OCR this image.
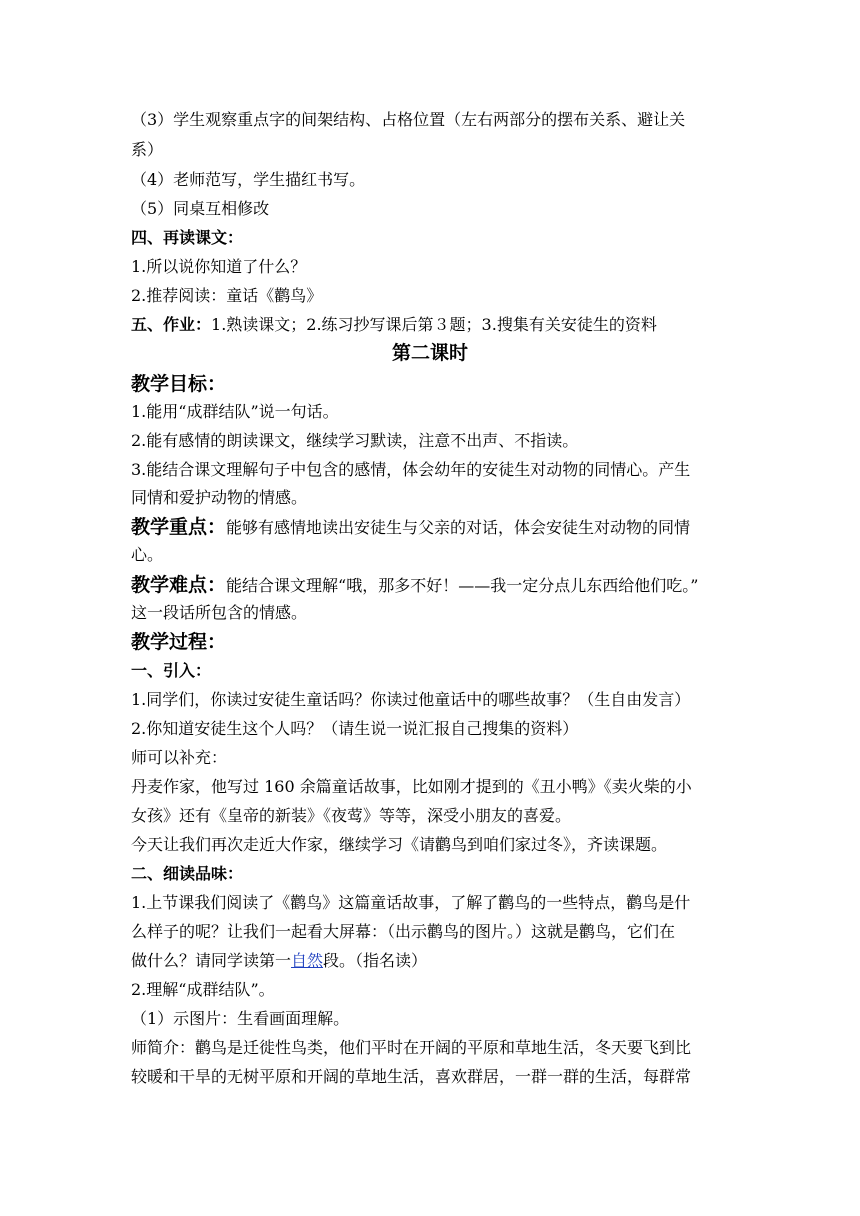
（3）学生观察重点字的间架结构、占格位置（左右两部分的摆布关系、避让关
系）
（4）老师范写，学生描红书写。
（5）同桌互相修改
四、再读课文：
1.所以说你知道了什么？
2.推荐阅读：童话《鹳鸟》
五、作业：1.熟读课文；2.练习抄写课后第３题；3.搜集有关安徒生的资料
第二课时
教学目标：
1.能用“成群结队”说一句话。
2.能有感情的朗读课文，继续学习默读，注意不出声、不指读。
3.能结合课文理解句子中包含的感情，体会幼年的安徒生对动物的同情心。产生
同情和爱护动物的情感。
教学重点：能够有感情地读出安徒生与父亲的对话，体会安徒生对动物的同情
心。
教学难点：能结合课文理解“哦，那多不好！——我一定分点儿东西给他们吃。”
这一段话所包含的情感。
教学过程：
一、引入：
1.同学们，你读过安徒生童话吗？你读过他童话中的哪些故事？（生自由发言）
2.你知道安徒生这个人吗？（请生说一说汇报自己搜集的资料）
师可以补充：
丹麦作家，他写过 160 余篇童话故事，比如刚才提到的《丑小鸭》《卖火柴的小
女孩》还有《皇帝的新装》《夜莺》等等，深受小朋友的喜爱。
今天让我们再次走近大作家，继续学习《请鹳鸟到咱们家过冬》，齐读课题。
二、细读品味：
1.上节课我们阅读了《鹳鸟》这篇童话故事，了解了鹳鸟的一些特点，鹳鸟是什
么样子的呢？让我们一起看大屏幕：（出示鹳鸟的图片。）这就是鹳鸟，它们在
做什么？请同学读第一自然段。（指名读）
2.理解“成群结队”。
（1）示图片：生看画面理解。
师简介：鹳鸟是迁徙性鸟类，他们平时在开阔的平原和草地生活，冬天要飞到比
较暖和干旱的无树平原和开阔的草地生活，喜欢群居，一群一群的生活，每群常
